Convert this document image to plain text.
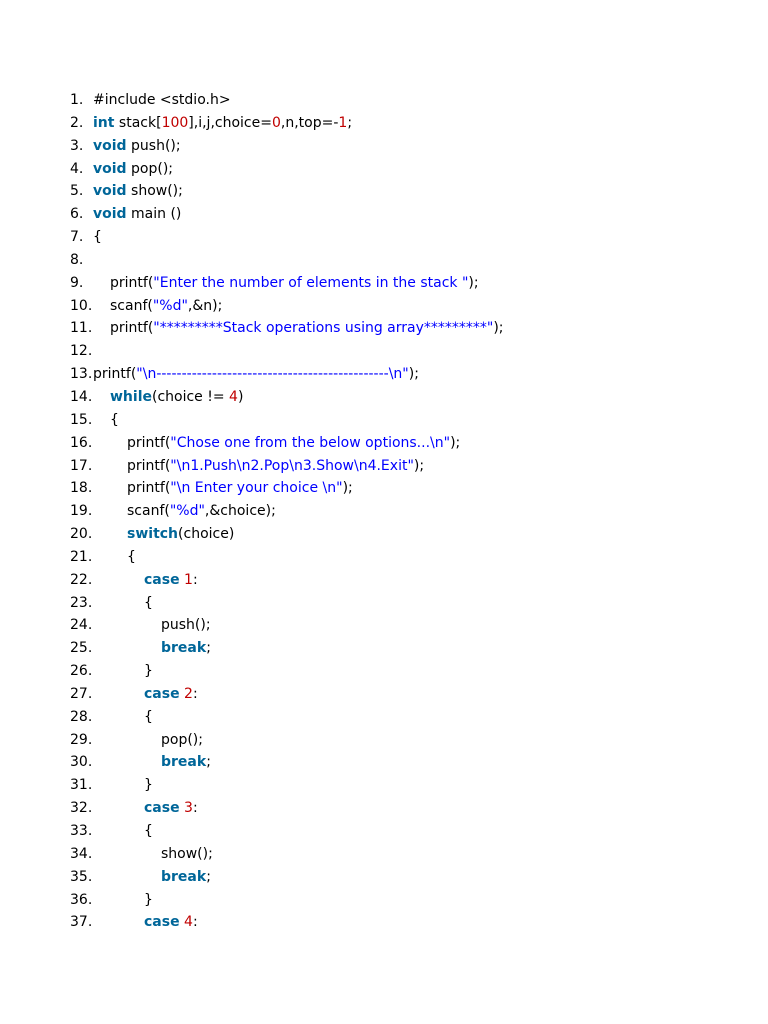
1. #include <stdio.h>
2. int stack[100],i,j,choice=0,n,top=-1;
3. void push();
4. void pop();
5. void show();
6. void main ()
7. {
8.
9. printf("Enter the number of elements in the stack ");
10. scanf("%d",&n);
11. printf("*********Stack operations using array*********");
12.
13. printf("\n----------------------------------------------\n");
14. while(choice != 4)
15. {
16. printf("Chose one from the below options...\n");
17. printf("\n1.Push\n2.Pop\n3.Show\n4.Exit");
18. printf("\n Enter your choice \n");
19. scanf("%d",&choice);
20. switch(choice)
21. {
22.	case 1:
23.	{
24.	push();
25.	break;
26.	}
27.	case 2:
28.	{
29.	pop();
30.	break;
31.	}
32.	case 3:
33.	{
34.	show();
35.	break;
36.	}
37.	case 4:
